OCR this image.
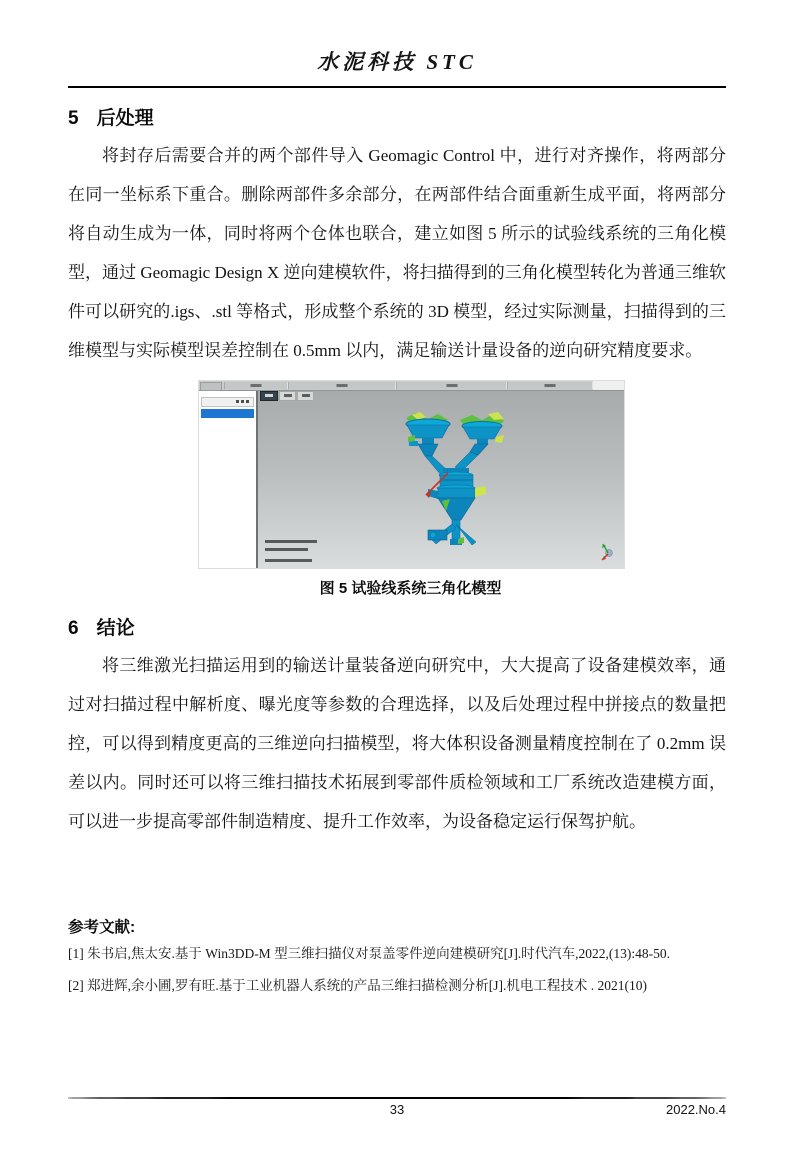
水泥科技 STC
5 后处理

将封存后需要合并的两个部件导入 Geomagic Control 中，进行对齐操作，将两部分在同一坐标系下重合。删除两部件多余部分，在两部件结合面重新生成平面，将两部分将自动生成为一体，同时将两个仓体也联合，建立如图 5 所示的试验线系统的三角化模型，通过 Geomagic Design X 逆向建模软件，将扫描得到的三角化模型转化为普通三维软件可以研究的.igs、.stl 等格式，形成整个系统的 3D 模型，经过实际测量，扫描得到的三维模型与实际模型误差控制在 0.5mm 以内，满足输送计量设备的逆向研究精度要求。

图 5 试验线系统三角化模型
6 结论

将三维激光扫描运用到的输送计量装备逆向研究中，大大提高了设备建模效率，通过对扫描过程中解析度、曝光度等参数的合理选择，以及后处理过程中拼接点的数量把控，可以得到精度更高的三维逆向扫描模型，将大体积设备测量精度控制在了 0.2mm 误差以内。同时还可以将三维扫描技术拓展到零部件质检领域和工厂系统改造建模方面，可以进一步提高零部件制造精度、提升工作效率，为设备稳定运行保驾护航。

参考文献:
[1] 朱书启,焦太安.基于 Win3DD-M 型三维扫描仪对泵盖零件逆向建模研究[J].时代汽车,2022,(13):48-50.
[2] 郑进辉,余小圃,罗有旺.基于工业机器人系统的产品三维扫描检测分析[J].机电工程技术 . 2021(10)
33	2022.No.4
